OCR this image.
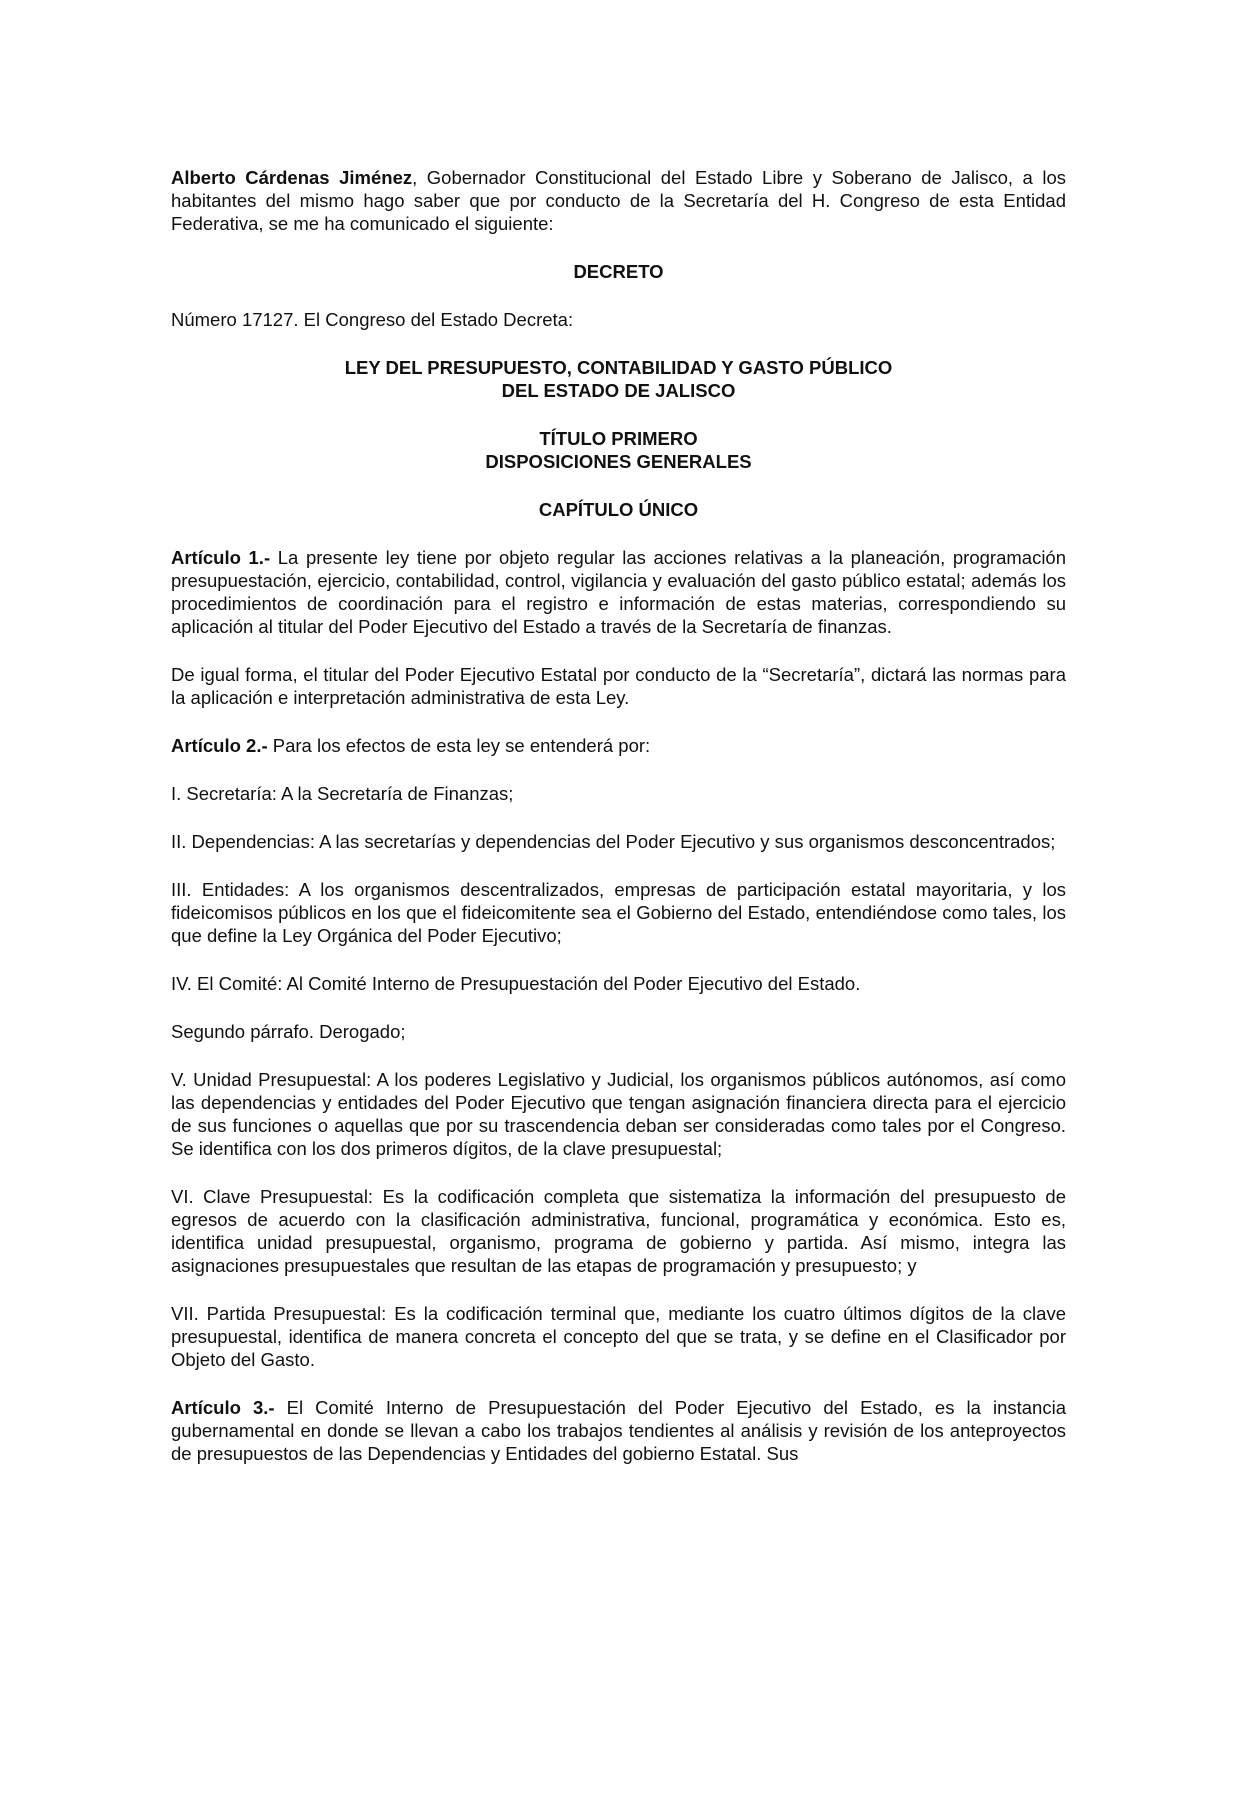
Alberto Cárdenas Jiménez, Gobernador Constitucional del Estado Libre y Soberano de Jalisco, a los habitantes del mismo hago saber que por conducto de la Secretaría del H. Congreso de esta Entidad Federativa, se me ha comunicado el siguiente:

DECRETO

Número 17127. El Congreso del Estado Decreta:

LEY DEL PRESUPUESTO, CONTABILIDAD Y GASTO PÚBLICO
DEL ESTADO DE JALISCO
TÍTULO PRIMERO
DISPOSICIONES GENERALES
CAPÍTULO ÚNICO

Artículo 1.- La presente ley tiene por objeto regular las acciones relativas a la planeación, programación presupuestación, ejercicio, contabilidad, control, vigilancia y evaluación del gasto público estatal; además los procedimientos de coordinación para el registro e información de estas materias, correspondiendo su aplicación al titular del Poder Ejecutivo del Estado a través de la Secretaría de finanzas.

De igual forma, el titular del Poder Ejecutivo Estatal por conducto de la “Secretaría”, dictará las normas para la aplicación e interpretación administrativa de esta Ley.

Artículo 2.- Para los efectos de esta ley se entenderá por:

I. Secretaría: A la Secretaría de Finanzas;

II. Dependencias: A las secretarías y dependencias del Poder Ejecutivo y sus organismos desconcentrados;

III. Entidades: A los organismos descentralizados, empresas de participación estatal mayoritaria, y los fideicomisos públicos en los que el fideicomitente sea el Gobierno del Estado, entendiéndose como tales, los que define la Ley Orgánica del Poder Ejecutivo;

IV. El Comité: Al Comité Interno de Presupuestación del Poder Ejecutivo del Estado.

Segundo párrafo. Derogado;

V. Unidad Presupuestal: A los poderes Legislativo y Judicial, los organismos públicos autónomos, así como las dependencias y entidades del Poder Ejecutivo que tengan asignación financiera directa para el ejercicio de sus funciones o aquellas que por su trascendencia deban ser consideradas como tales por el Congreso. Se identifica con los dos primeros dígitos, de la clave presupuestal;

VI. Clave Presupuestal: Es la codificación completa que sistematiza la información del presupuesto de egresos de acuerdo con la clasificación administrativa, funcional, programática y económica. Esto es, identifica unidad presupuestal, organismo, programa de gobierno y partida. Así mismo, integra las asignaciones presupuestales que resultan de las etapas de programación y presupuesto; y

VII. Partida Presupuestal: Es la codificación terminal que, mediante los cuatro últimos dígitos de la clave presupuestal, identifica de manera concreta el concepto del que se trata, y se define en el Clasificador por Objeto del Gasto.

Artículo 3.- El Comité Interno de Presupuestación del Poder Ejecutivo del Estado, es la instancia gubernamental en donde se llevan a cabo los trabajos tendientes al análisis y revisión de los anteproyectos de presupuestos de las Dependencias y Entidades del gobierno Estatal. Sus
